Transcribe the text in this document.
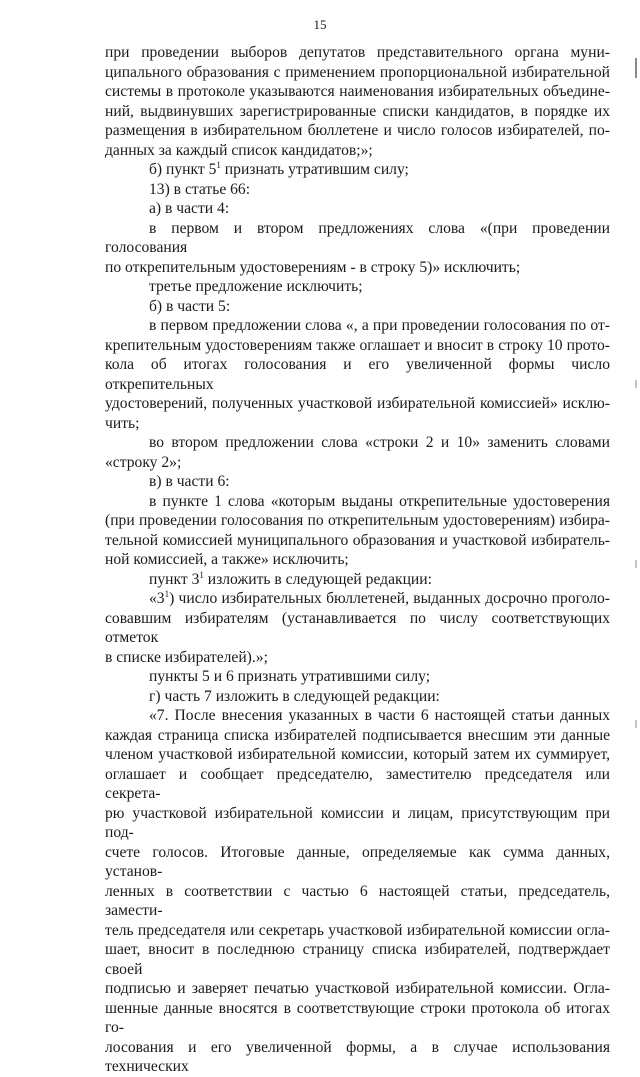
15

при проведении выборов депутатов представительного органа муни-
ципального образования с применением пропорциональной избирательной
системы в протоколе указываются наименования избирательных объедине-
ний, выдвинувших зарегистрированные списки кандидатов, в порядке их
размещения в избирательном бюллетене и число голосов избирателей, по-
данных за каждый список кандидатов;»;

б) пункт $5^1$ признать утратившим силу;

13) в статье 66:

а) в части 4:

в первом и втором предложениях слова «(при проведении голосования
по открепительным удостоверениям - в строку 5)» исключить;

третье предложение исключить;

б) в части 5:

в первом предложении слова «, а при проведении голосования по от-
крепительным удостоверениям также оглашает и вносит в строку 10 прото-
кола об итогах голосования и его увеличенной формы число открепительных
удостоверений, полученных участковой избирательной комиссией» исклю-
чить;

во втором предложении слова «строки 2 и 10» заменить словами
«строку 2»;

в) в части 6:

в пункте 1 слова «которым выданы открепительные удостоверения
(при проведении голосования по открепительным удостоверениям) избира-
тельной комиссией муниципального образования и участковой избиратель-
ной комиссией, а также» исключить;

пункт $3^1$ изложить в следующей редакции:

«$3^1$) число избирательных бюллетеней, выданных досрочно проголо-
совавшим избирателям (устанавливается по числу соответствующих отметок
в списке избирателей).»;

пункты 5 и 6 признать утратившими силу;

г) часть 7 изложить в следующей редакции:

«7. После внесения указанных в части 6 настоящей статьи данных
каждая страница списка избирателей подписывается внесшим эти данные
членом участковой избирательной комиссии, который затем их суммирует,
оглашает и сообщает председателю, заместителю председателя или секрета-
рю участковой избирательной комиссии и лицам, присутствующим при под-
счете голосов. Итоговые данные, определяемые как сумма данных, установ-
ленных в соответствии с частью 6 настоящей статьи, председатель, замести-
тель председателя или секретарь участковой избирательной комиссии огла-
шает, вносит в последнюю страницу списка избирателей, подтверждает своей
подписью и заверяет печатью участковой избирательной комиссии. Огла-
шенные данные вносятся в соответствующие строки протокола об итогах го-
лосования и его увеличенной формы, а в случае использования технических
